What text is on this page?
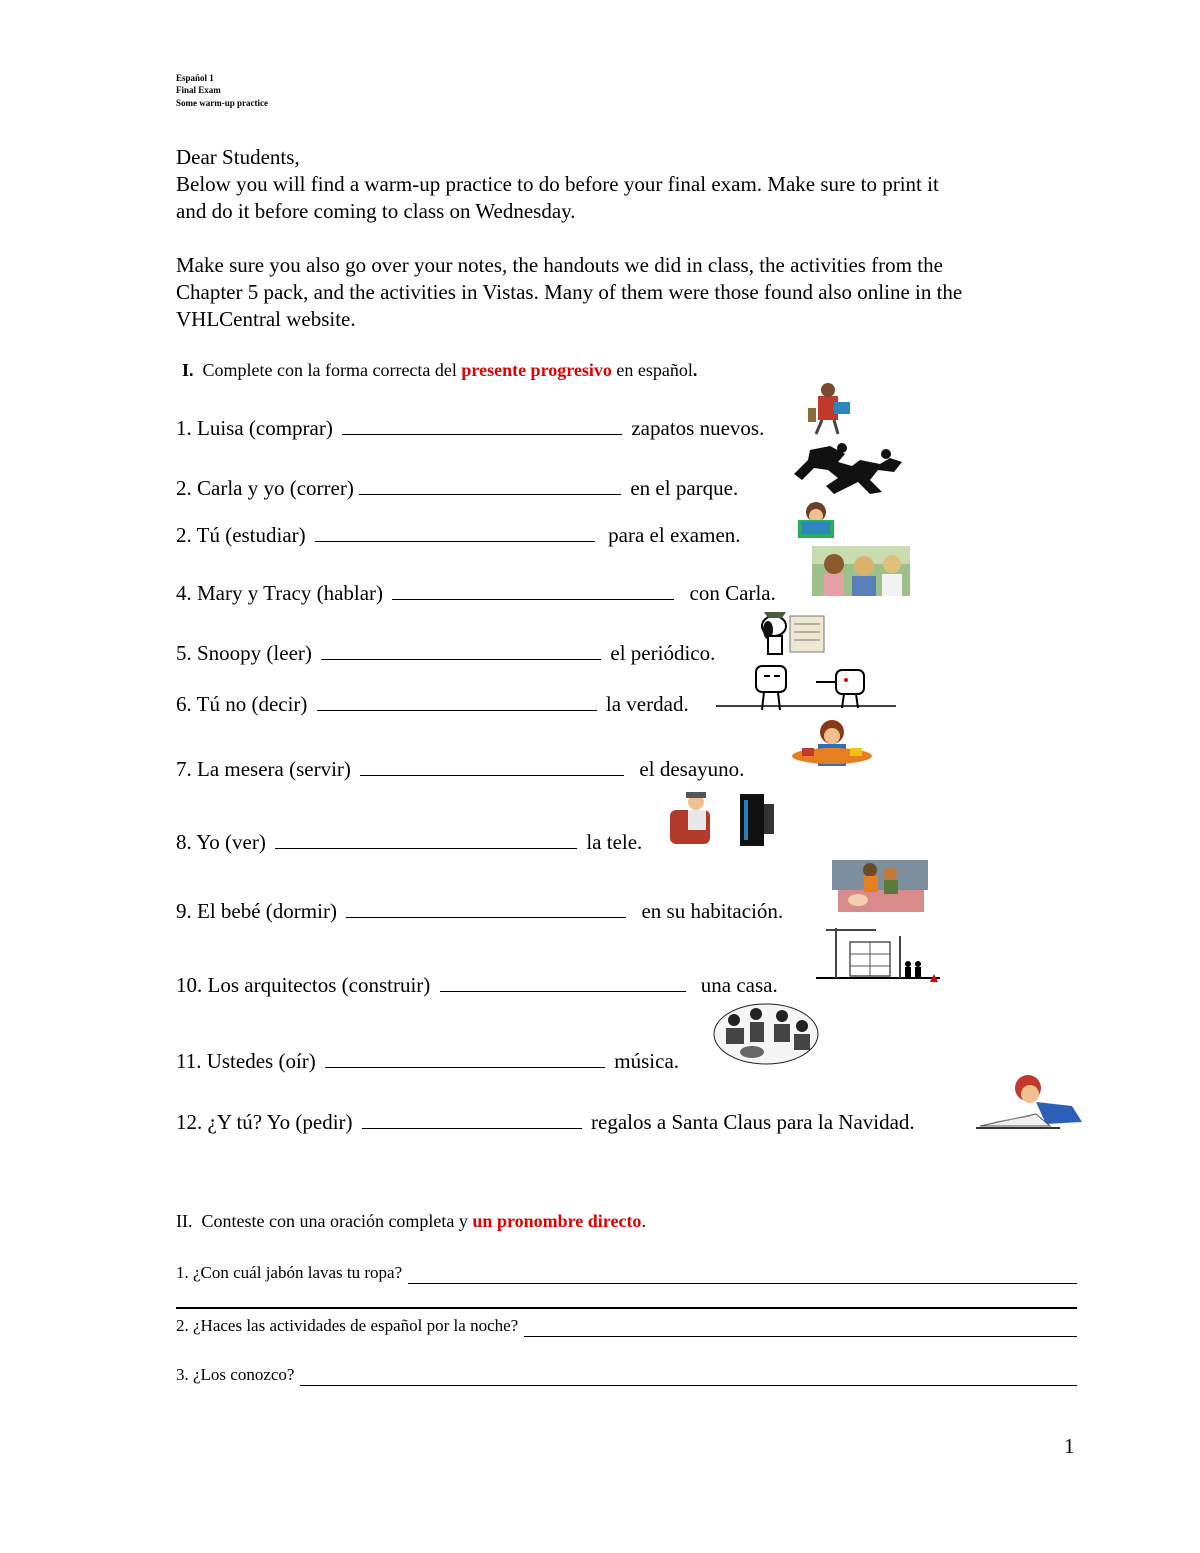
Español 1
Final Exam
Some warm-up practice
Dear Students,
Below you will find a warm-up practice to do before your final exam. Make sure to print it
and do it before coming to class on Wednesday.
Make sure you also go over your notes, the handouts we did in class, the activities from the
Chapter 5 pack, and the activities in Vistas. Many of them were those found also online in the
VHLCentral website.
I. Complete con la forma correcta del presente progresivo en español.
1. Luisa (comprar)	zapatos nuevos.
2. Carla y yo (correr)	en el parque.
2. Tú (estudiar)	para el examen.
4. Mary y Tracy (hablar)	con Carla.
5. Snoopy (leer)	el periódico.
6. Tú no (decir)	la verdad.
7. La mesera (servir)	el desayuno.
8. Yo (ver)	la tele.
9. El bebé (dormir)	en su habitación.
10. Los arquitectos (construir)	una casa.
11. Ustedes (oír)	música.
12. ¿Y tú? Yo (pedir)	regalos a Santa Claus para la Navidad.
II. Conteste con una oración completa y un pronombre directo.
1. ¿Con cuál jabón lavas tu ropa?
2. ¿Haces las actividades de español por la noche?
3. ¿Los conozco?
1
